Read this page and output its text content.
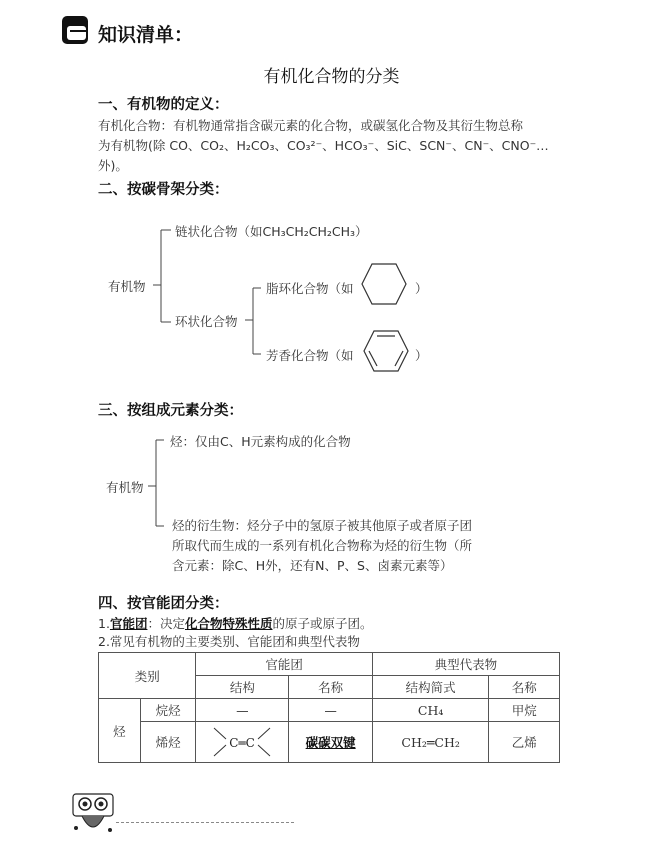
知识清单：
有机化合物的分类
一、有机物的定义：
有机化合物：有机物通常指含碳元素的化合物，或碳氢化合物及其衍生物总称
为有机物(除 CO、CO₂、H₂CO₃、CO₃²⁻、HCO₃⁻、SiC、SCN⁻、CN⁻、CNO⁻…
外)。
二、按碳骨架分类：
有机物
链状化合物（如CH₃CH₂CH₂CH₃）
环状化合物
脂环化合物（如	）
芳香化合物（如	）
三、按组成元素分类：
有机物
烃：仅由C、H元素构成的化合物
烃的衍生物：烃分子中的氢原子被其他原子或者原子团
所取代而生成的一系列有机化合物称为烃的衍生物（所
含元素：除C、H外，还有N、P、S、卤素元素等）
四、按官能团分类：
1.官能团：决定化合物特殊性质的原子或原子团。
2.常见有机物的主要类别、官能团和典型代表物
类别		官能团		典型代表物	
		结构	名称	结构简式	名称
烃	烷烃	—	—	CH₄	甲烷
	烯烃	C═C	碳碳双键	CH₂═CH₂	乙烯
